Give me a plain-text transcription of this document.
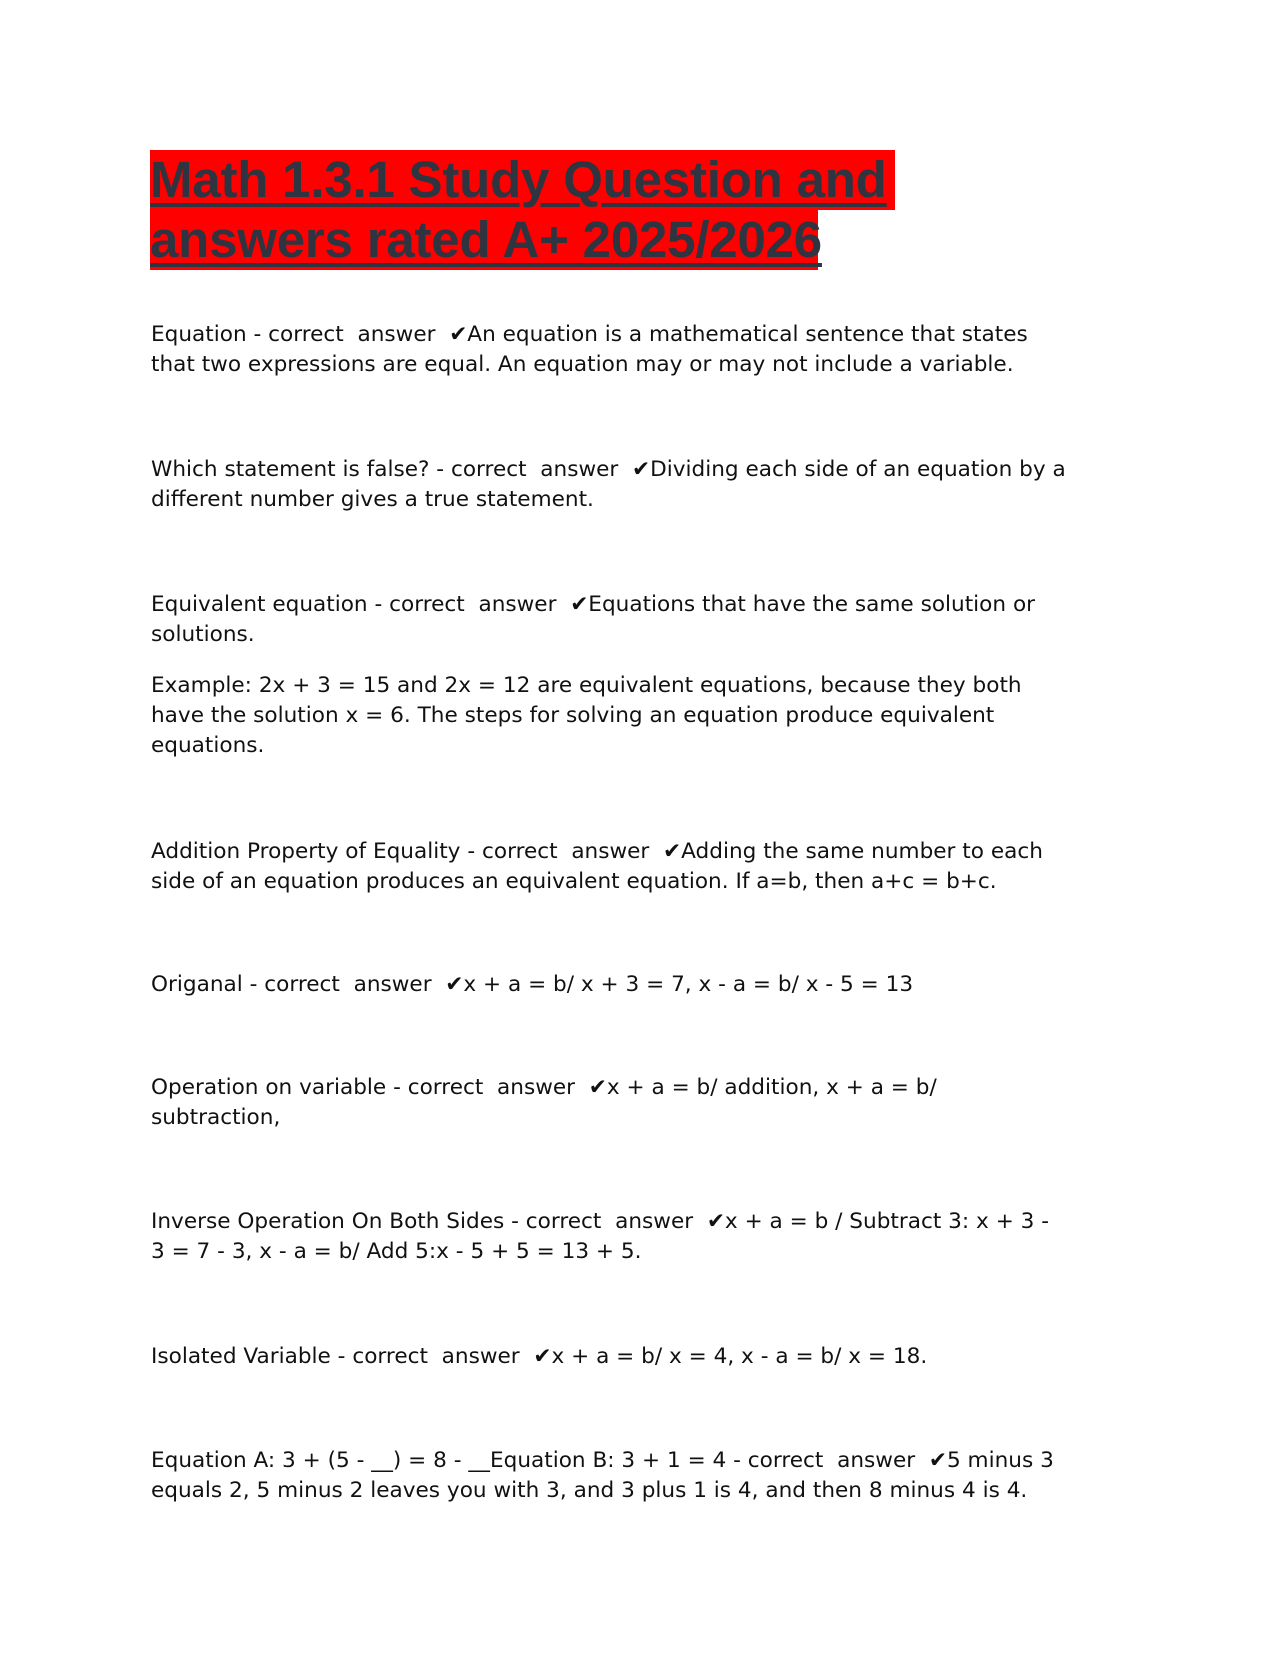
Math 1.3.1 Study Question and
answers rated A+ 2025/2026
Equation - correct  answer  ✔An equation is a mathematical sentence that states
that two expressions are equal. An equation may or may not include a variable.
Which statement is false? - correct  answer  ✔Dividing each side of an equation by a
different number gives a true statement.
Equivalent equation - correct  answer  ✔Equations that have the same solution or
solutions.
Example: 2x + 3 = 15 and 2x = 12 are equivalent equations, because they both
have the solution x = 6. The steps for solving an equation produce equivalent
equations.
Addition Property of Equality - correct  answer  ✔Adding the same number to each
side of an equation produces an equivalent equation. If a=b, then a+c = b+c.
Origanal - correct  answer  ✔x + a = b/ x + 3 = 7, x - a = b/ x - 5 = 13
Operation on variable - correct  answer  ✔x + a = b/ addition, x + a = b/
subtraction,
Inverse Operation On Both Sides - correct  answer  ✔x + a = b / Subtract 3: x + 3 -
3 = 7 - 3, x - a = b/ Add 5:x - 5 + 5 = 13 + 5.
Isolated Variable - correct  answer  ✔x + a = b/ x = 4, x - a = b/ x = 18.
Equation A: 3 + (5 - __) = 8 - __Equation B: 3 + 1 = 4 - correct  answer  ✔5 minus 3
equals 2, 5 minus 2 leaves you with 3, and 3 plus 1 is 4, and then 8 minus 4 is 4.
